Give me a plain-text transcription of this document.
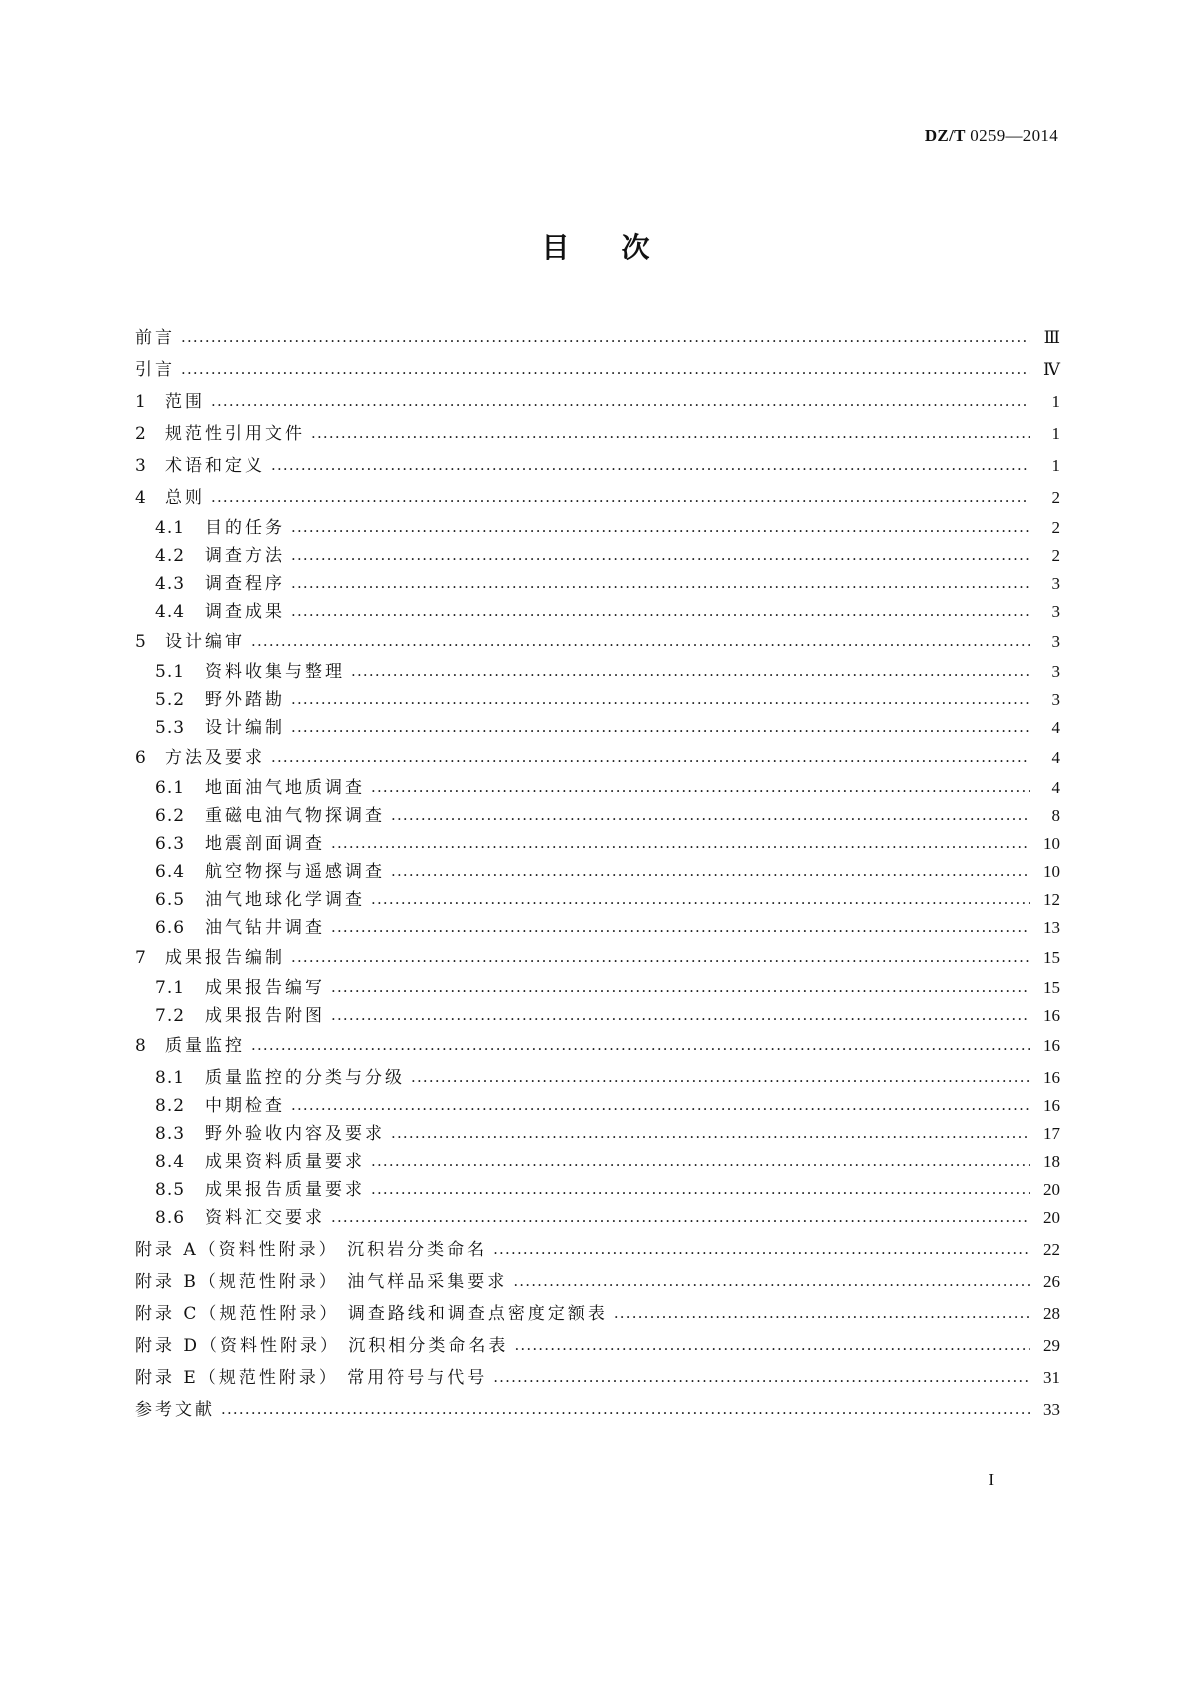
DZ/T 0259—2014
目次
前言 ·····	Ⅲ
引言 ·····	Ⅳ
1	范围 ·····	1
2	规范性引用文件 ·····	1
3	术语和定义 ·····	1
4	总则 ·····	2
4.1	目的任务 ·····	2
4.2	调查方法 ·····	2
4.3	调查程序 ·····	3
4.4	调查成果 ·····	3
5	设计编审 ·····	3
5.1	资料收集与整理 ·····	3
5.2	野外踏勘 ·····	3
5.3	设计编制 ·····	4
6	方法及要求 ·····	4
6.1	地面油气地质调查 ·····	4
6.2	重磁电油气物探调查 ·····	8
6.3	地震剖面调查 ·····	10
6.4	航空物探与遥感调查 ·····	10
6.5	油气地球化学调查 ·····	12
6.6	油气钻井调查 ·····	13
7	成果报告编制 ·····	15
7.1	成果报告编写 ·····	15
7.2	成果报告附图 ·····	16
8	质量监控 ·····	16
8.1	质量监控的分类与分级 ·····	16
8.2	中期检查 ·····	16
8.3	野外验收内容及要求 ·····	17
8.4	成果资料质量要求 ·····	18
8.5	成果报告质量要求 ·····	20
8.6	资料汇交要求 ·····	20
附录 A（资料性附录） 沉积岩分类命名 ·····	22
附录 B（规范性附录） 油气样品采集要求 ·····	26
附录 C（规范性附录） 调查路线和调查点密度定额表 ·····	28
附录 D（资料性附录） 沉积相分类命名表 ·····	29
附录 E（规范性附录） 常用符号与代号 ·····	31
参考文献 ·····	33
I
